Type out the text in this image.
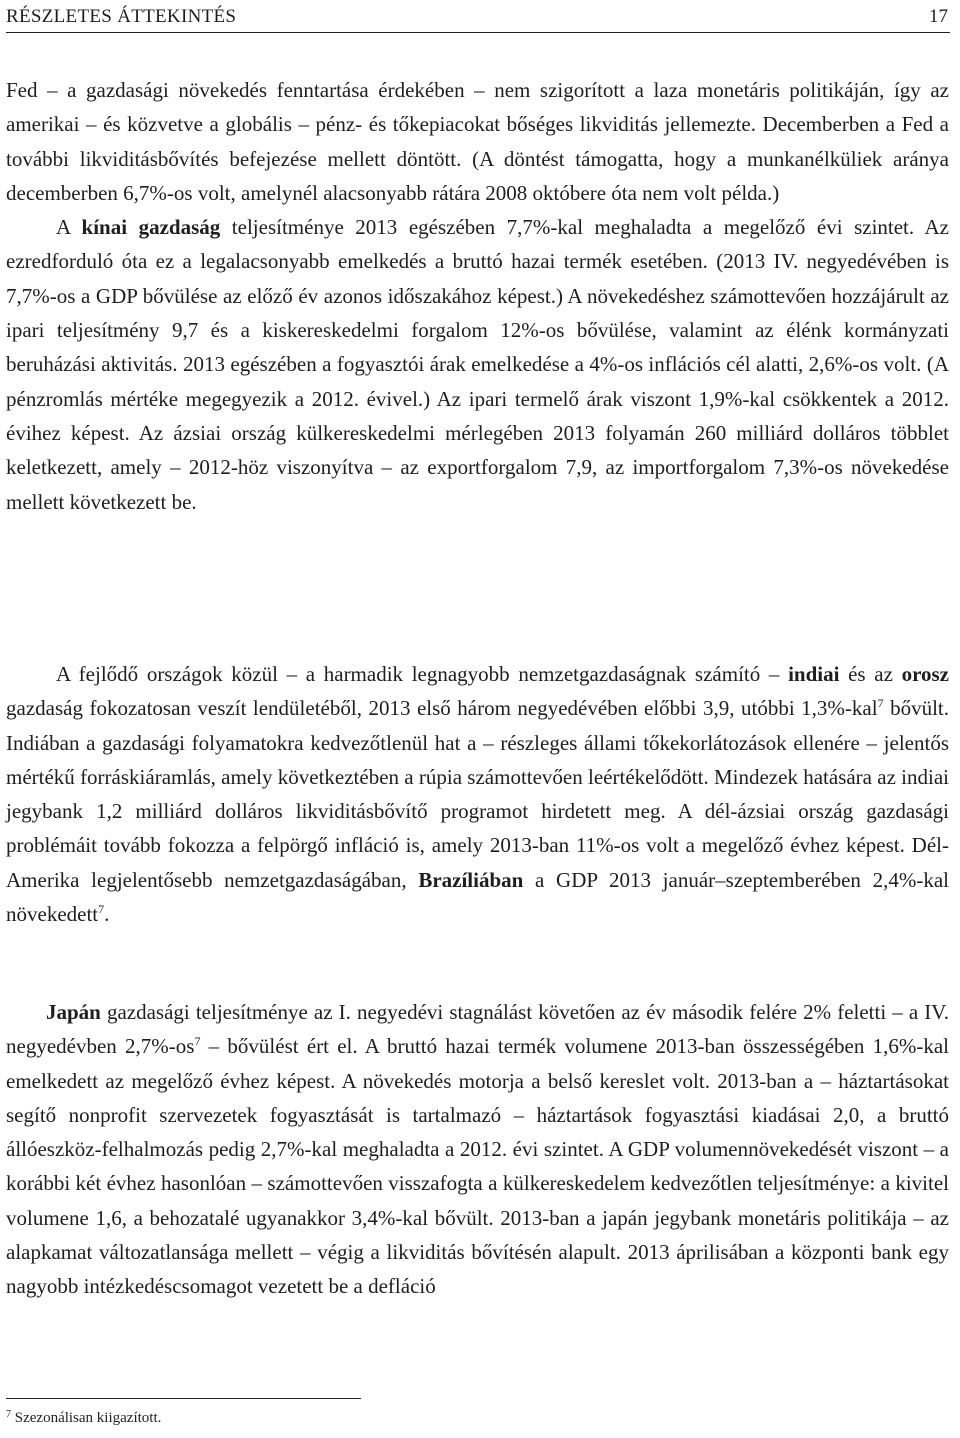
RÉSZLETES ÁTTEKINTÉS	17

Fed – a gazdasági növekedés fenntartása érdekében – nem szigorított a laza monetáris politikáján, így az amerikai – és közvetve a globális – pénz- és tőkepiacokat bőséges likviditás jellemezte. Decemberben a Fed a további likviditásbővítés befejezése mellett döntött. (A döntést támogatta, hogy a munkanélküliek aránya decemberben 6,7%-os volt, amelynél alacsonyabb rátára 2008 októbere óta nem volt példa.)
A kínai gazdaság teljesítménye 2013 egészében 7,7%-kal meghaladta a megelőző évi szintet. Az ezredforduló óta ez a legalacsonyabb emelkedés a bruttó hazai termék esetében. (2013 IV. negyedévében is 7,7%-os a GDP bővülése az előző év azonos időszakához képest.) A növekedéshez számottevően hozzájárult az ipari teljesítmény 9,7 és a kiskereskedelmi forgalom 12%-os bővülése, valamint az élénk kormányzati beruházási aktivitás. 2013 egészében a fogyasztói árak emelkedése a 4%-os inflációs cél alatti, 2,6%-os volt. (A pénzromlás mértéke megegyezik a 2012. évivel.) Az ipari termelő árak viszont 1,9%-kal csökkentek a 2012. évihez képest. Az ázsiai ország külkereskedelmi mérlegében 2013 folyamán 260 milliárd dolláros többlet keletkezett, amely – 2012-höz viszonyítva – az exportforgalom 7,9, az importforgalom 7,3%-os növekedése mellett következett be.

A fejlődő országok közül – a harmadik legnagyobb nemzetgazdaságnak számító – indiai és az orosz gazdaság fokozatosan veszít lendületéből, 2013 első három negyedévében előbbi 3,9, utóbbi 1,3%-kal$^7$ bővült. Indiában a gazdasági folyamatokra kedvezőtlenül hat a – részleges állami tőkekorlátozások ellenére – jelentős mértékű forráskiáramlás, amely következtében a rúpia számottevően leértékelődött. Mindezek hatására az indiai jegybank 1,2 milliárd dolláros likviditásbővítő programot hirdetett meg. A dél-ázsiai ország gazdasági problémáit tovább fokozza a felpörgő infláció is, amely 2013-ban 11%-os volt a megelőző évhez képest. Dél-Amerika legjelentősebb nemzetgazdaságában, Brazíliában a GDP 2013 január–szeptemberében 2,4%-kal növekedett$^7$.

Japán gazdasági teljesítménye az I. negyedévi stagnálást követően az év második felére 2% feletti – a IV. negyedévben 2,7%-os$^7$ – bővülést ért el. A bruttó hazai termék volumene 2013-ban összességében 1,6%-kal emelkedett az megelőző évhez képest. A növekedés motorja a belső kereslet volt. 2013-ban a – háztartásokat segítő nonprofit szervezetek fogyasztását is tartalmazó – háztartások fogyasztási kiadásai 2,0, a bruttó állóeszköz-felhalmozás pedig 2,7%-kal meghaladta a 2012. évi szintet. A GDP volumennövekedését viszont – a korábbi két évhez hasonlóan – számottevően visszafogta a külkereskedelem kedvezőtlen teljesítménye: a kivitel volumene 1,6, a behozatalé ugyanakkor 3,4%-kal bővült. 2013-ban a japán jegybank monetáris politikája – az alapkamat változatlansága mellett – végig a likviditás bővítésén alapult. 2013 áprilisában a központi bank egy nagyobb intézkedéscsomagot vezetett be a defláció

$^7$ Szezonálisan kiigazított.
